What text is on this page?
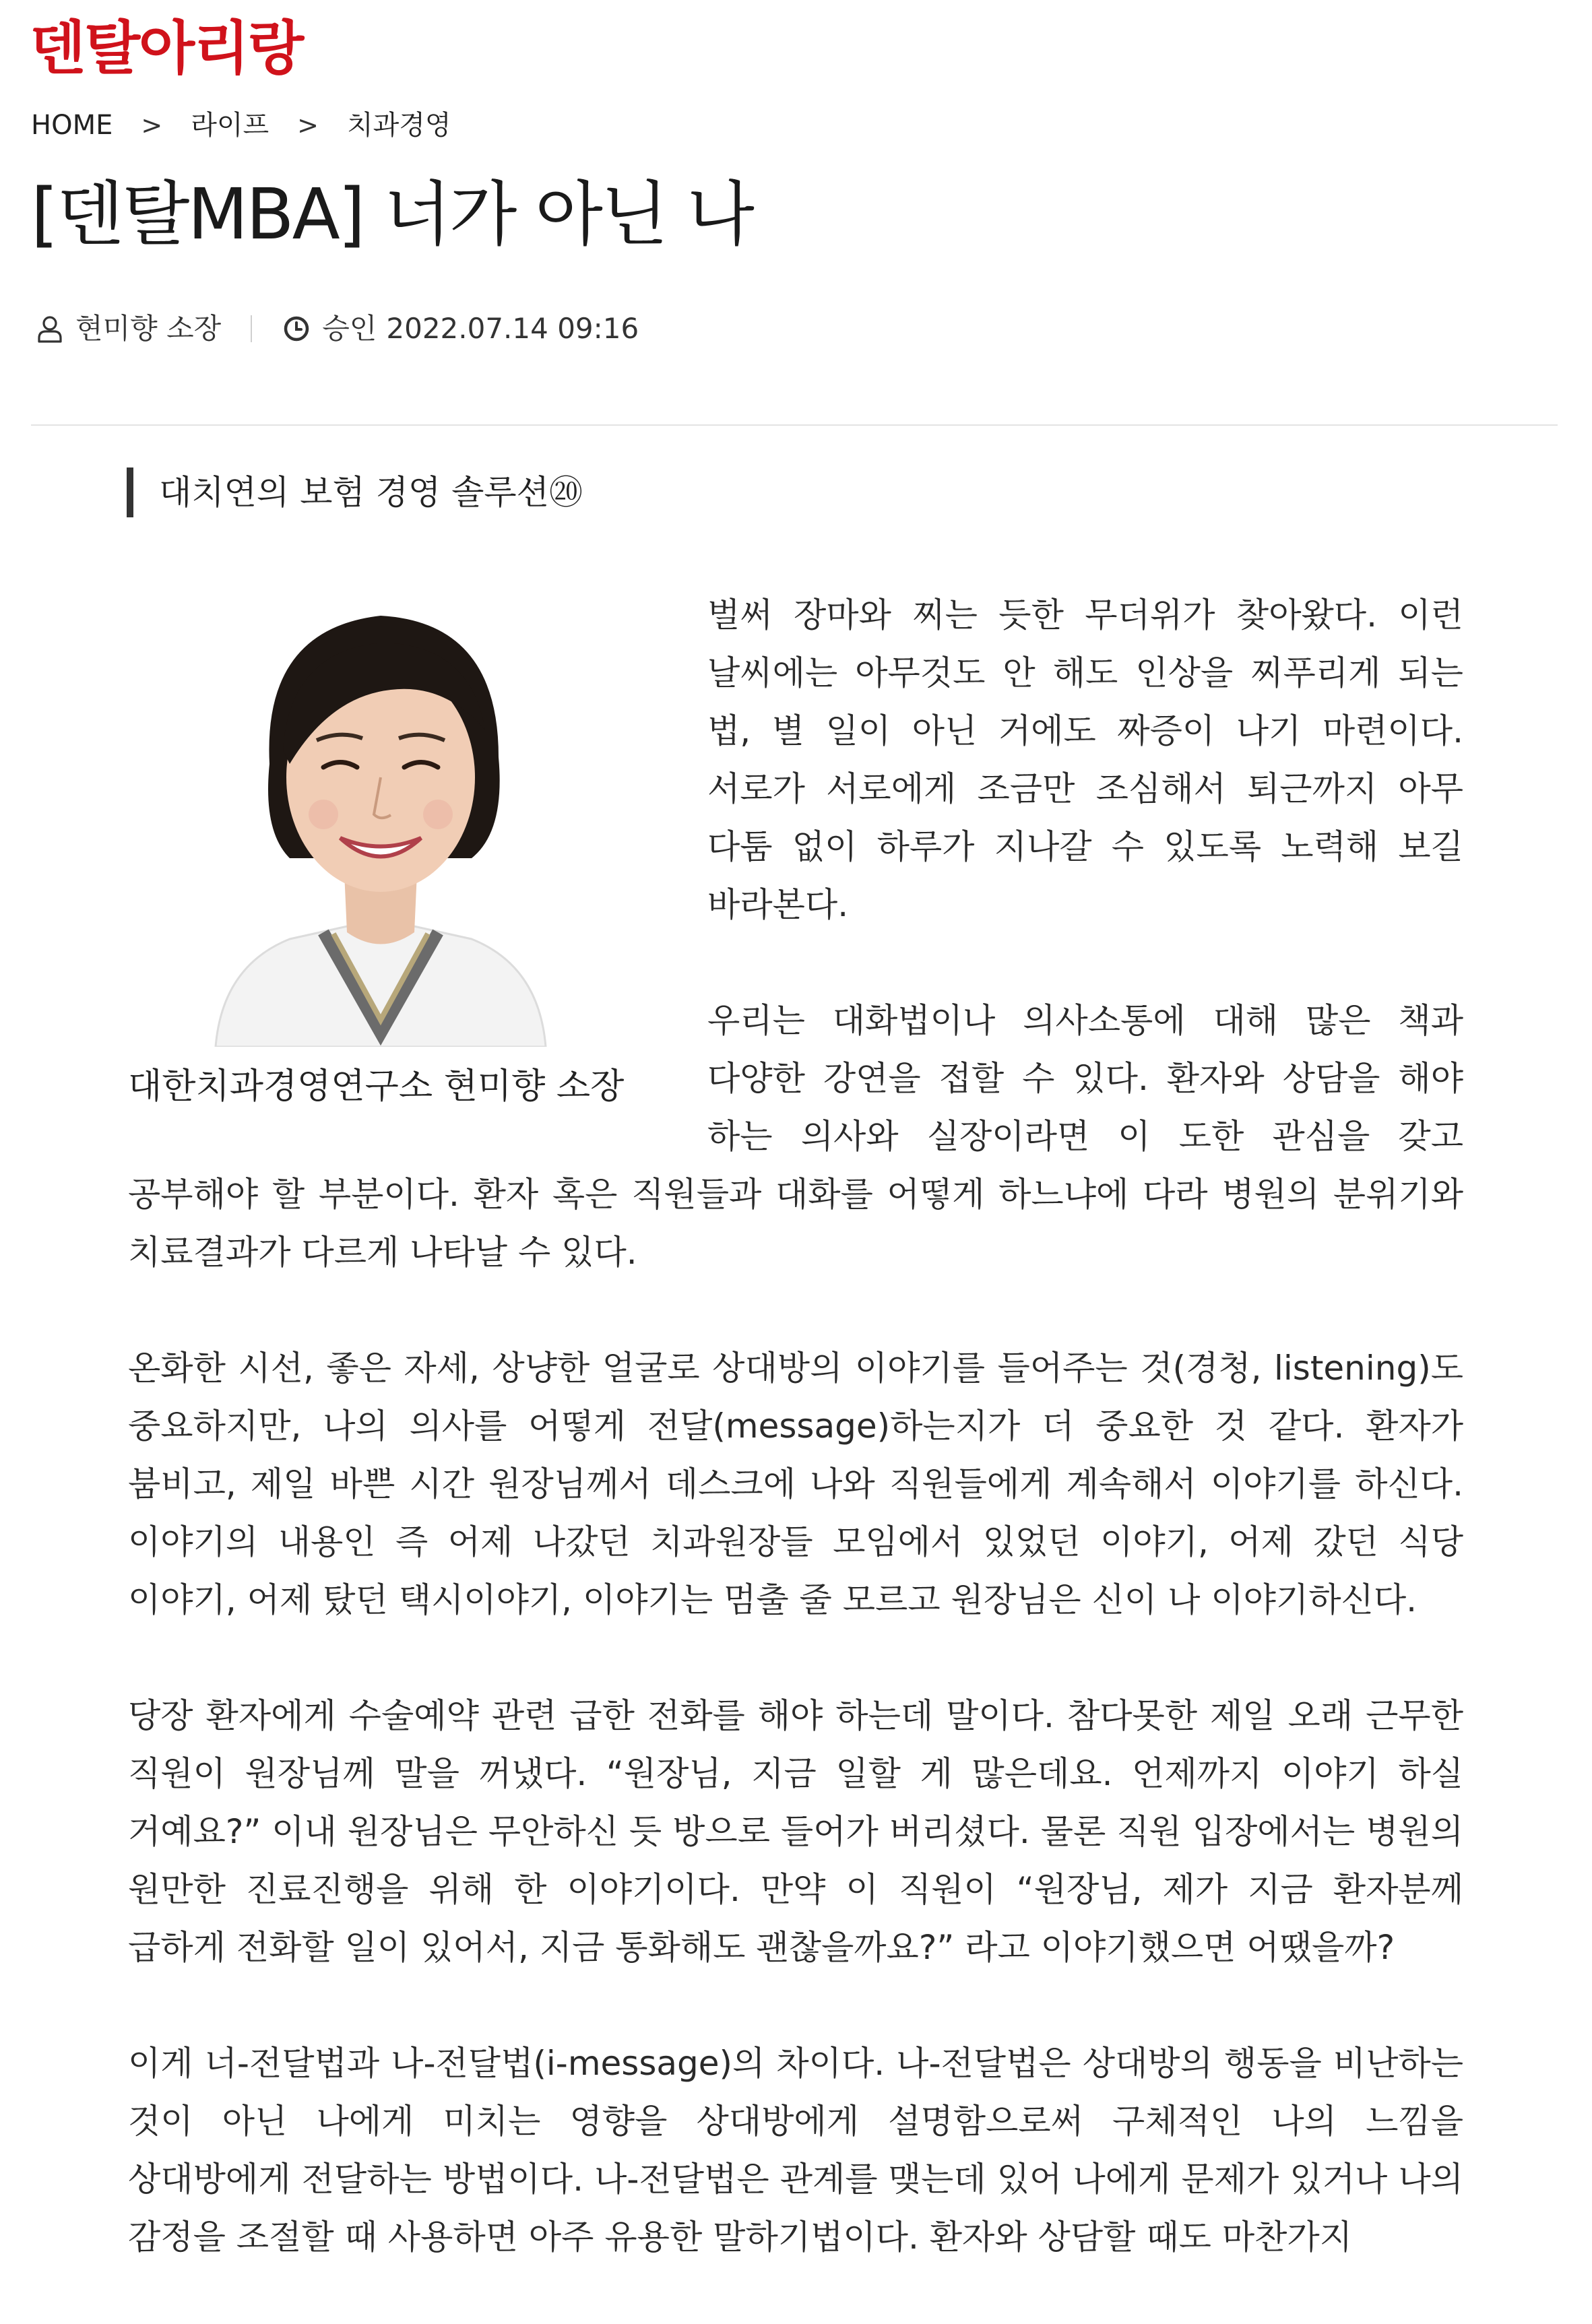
덴탈아리랑
HOME > 라이프 > 치과경영
[덴탈MBA] 너가 아닌 나
현미향 소장	승인 2022.07.14 09:16
대치연의 보험 경영 솔루션⑳
대한치과경영연구소 현미향 소장

벌써 장마와 찌는 듯한 무더위가 찾아왔다. 이런 날씨에는 아무것도 안 해도 인상을 찌푸리게 되는 법, 별 일이 아닌 거에도 짜증이 나기 마련이다. 서로가 서로에게 조금만 조심해서 퇴근까지 아무 다툼 없이 하루가 지나갈 수 있도록 노력해 보길 바라본다.

우리는 대화법이나 의사소통에 대해 많은 책과 다양한 강연을 접할 수 있다. 환자와 상담을 해야 하는 의사와 실장이라면 이 도한 관심을 갖고 공부해야 할 부분이다. 환자 혹은 직원들과 대화를 어떻게 하느냐에 다라 병원의 분위기와 치료결과가 다르게 나타날 수 있다.

온화한 시선, 좋은 자세, 상냥한 얼굴로 상대방의 이야기를 들어주는 것(경청, listening)도 중요하지만, 나의 의사를 어떻게 전달(message)하는지가 더 중요한 것 같다. 환자가 붐비고, 제일 바쁜 시간 원장님께서 데스크에 나와 직원들에게 계속해서 이야기를 하신다. 이야기의 내용인 즉 어제 나갔던 치과원장들 모임에서 있었던 이야기, 어제 갔던 식당 이야기, 어제 탔던 택시이야기, 이야기는 멈출 줄 모르고 원장님은 신이 나 이야기하신다.

당장 환자에게 수술예약 관련 급한 전화를 해야 하는데 말이다. 참다못한 제일 오래 근무한 직원이 원장님께 말을 꺼냈다. “원장님, 지금 일할 게 많은데요. 언제까지 이야기 하실 거예요?” 이내 원장님은 무안하신 듯 방으로 들어가 버리셨다. 물론 직원 입장에서는 병원의 원만한 진료진행을 위해 한 이야기이다. 만약 이 직원이 “원장님, 제가 지금 환자분께 급하게 전화할 일이 있어서, 지금 통화해도 괜찮을까요?” 라고 이야기했으면 어땠을까?

이게 너-전달법과 나-전달법(i-message)의 차이다. 나-전달법은 상대방의 행동을 비난하는 것이 아닌 나에게 미치는 영향을 상대방에게 설명함으로써 구체적인 나의 느낌을 상대방에게 전달하는 방법이다. 나-전달법은 관계를 맺는데 있어 나에게 문제가 있거나 나의 감정을 조절할 때 사용하면 아주 유용한 말하기법이다. 환자와 상담할 때도 마찬가지
